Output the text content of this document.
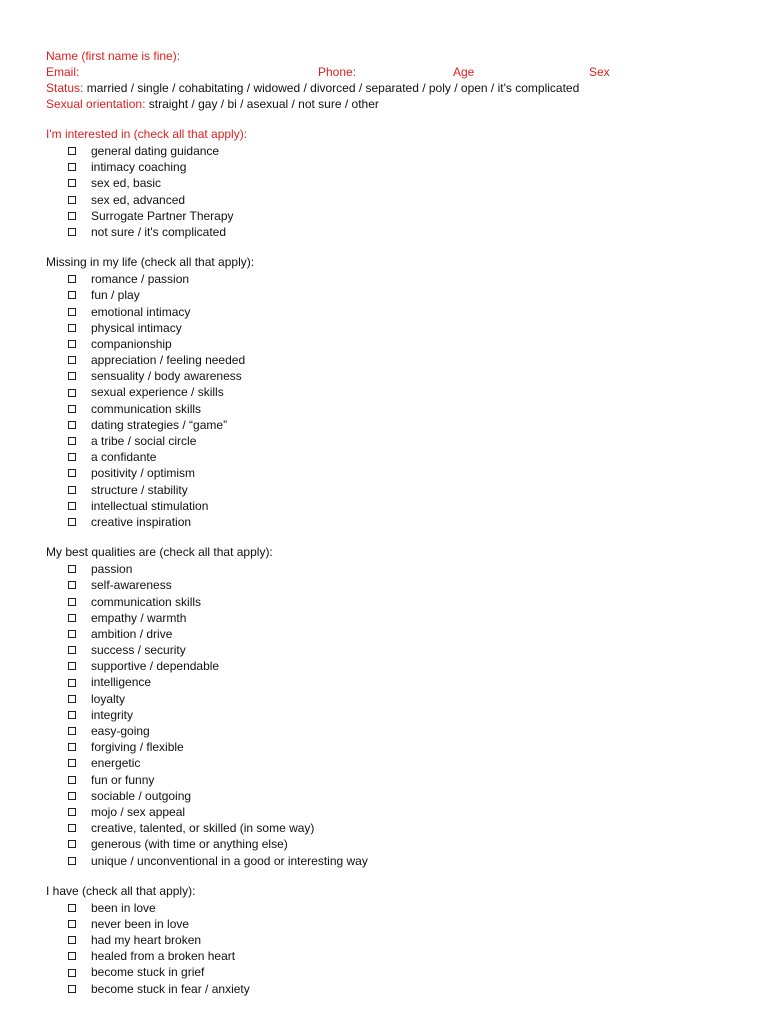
Name (first name is fine):
Email:	Phone:	Age	Sex
Status: married / single / cohabitating / widowed / divorced / separated / poly / open / it's complicated
Sexual orientation: straight / gay / bi / asexual / not sure / other
I'm interested in (check all that apply):
general dating guidance
intimacy coaching
sex ed, basic
sex ed, advanced
Surrogate Partner Therapy
not sure / it's complicated
Missing in my life (check all that apply):
romance / passion
fun / play
emotional intimacy
physical intimacy
companionship
appreciation / feeling needed
sensuality / body awareness
sexual experience / skills
communication skills
dating strategies / “game”
a tribe / social circle
a confidante
positivity / optimism
structure / stability
intellectual stimulation
creative inspiration
My best qualities are (check all that apply):
passion
self-awareness
communication skills
empathy / warmth
ambition / drive
success / security
supportive / dependable
intelligence
loyalty
integrity
easy-going
forgiving / flexible
energetic
fun or funny
sociable / outgoing
mojo / sex appeal
creative, talented, or skilled (in some way)
generous (with time or anything else)
unique / unconventional in a good or interesting way
I have (check all that apply):
been in love
never been in love
had my heart broken
healed from a broken heart
become stuck in grief
become stuck in fear / anxiety
